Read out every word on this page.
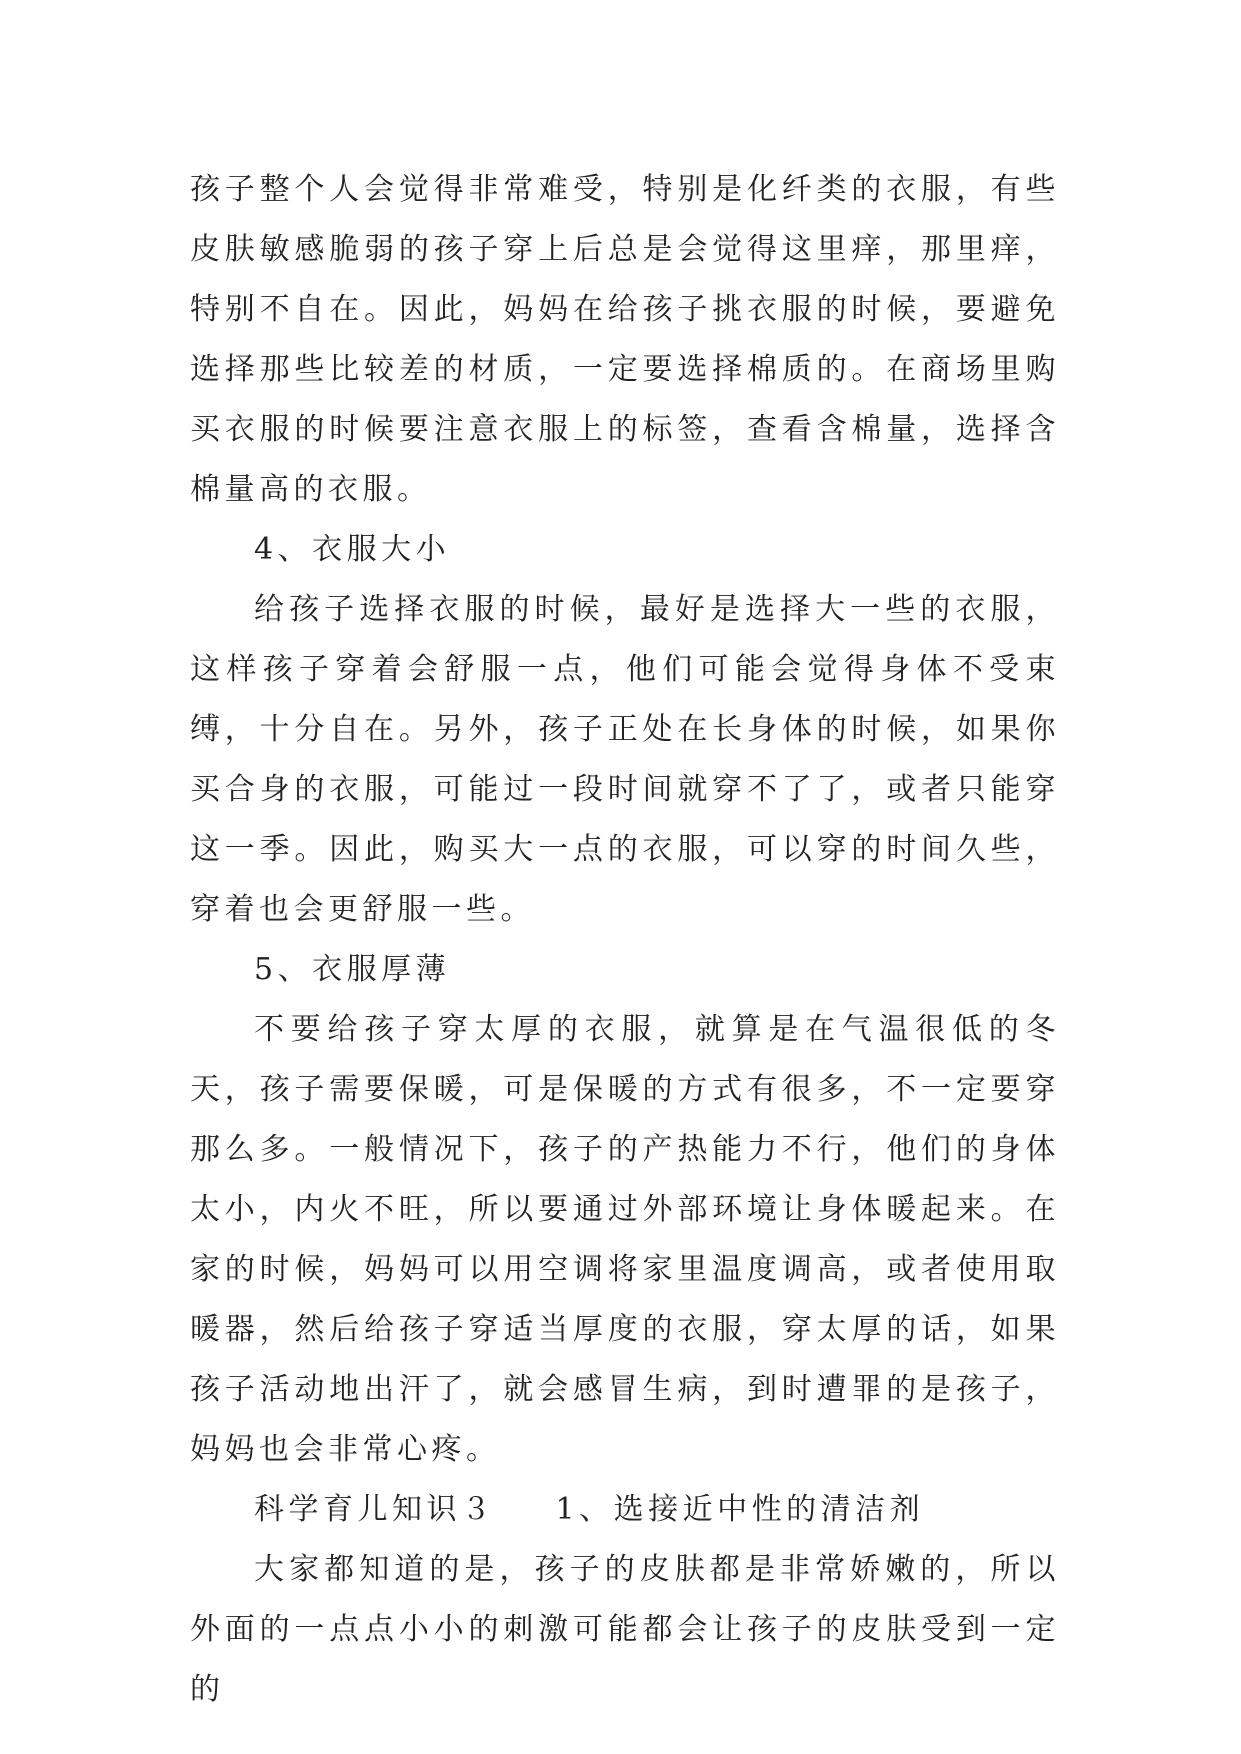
孩子整个人会觉得非常难受，特别是化纤类的衣服，有些皮肤敏感脆弱的孩子穿上后总是会觉得这里痒，那里痒，特别不自在。因此，妈妈在给孩子挑衣服的时候，要避免选择那些比较差的材质，一定要选择棉质的。在商场里购买衣服的时候要注意衣服上的标签，查看含棉量，选择含棉量高的衣服。

4、衣服大小

给孩子选择衣服的时候，最好是选择大一些的衣服，这样孩子穿着会舒服一点，他们可能会觉得身体不受束缚，十分自在。另外，孩子正处在长身体的时候，如果你买合身的衣服，可能过一段时间就穿不了了，或者只能穿这一季。因此，购买大一点的衣服，可以穿的时间久些，穿着也会更舒服一些。

5、衣服厚薄

不要给孩子穿太厚的衣服，就算是在气温很低的冬天，孩子需要保暖，可是保暖的方式有很多，不一定要穿那么多。一般情况下，孩子的产热能力不行，他们的身体太小，内火不旺，所以要通过外部环境让身体暖起来。在家的时候，妈妈可以用空调将家里温度调高，或者使用取暖器，然后给孩子穿适当厚度的衣服，穿太厚的话，如果孩子活动地出汗了，就会感冒生病，到时遭罪的是孩子，妈妈也会非常心疼。

科学育儿知识３ 1、选接近中性的清洁剂

大家都知道的是，孩子的皮肤都是非常娇嫩的，所以外面的一点点小小的刺激可能都会让孩子的皮肤受到一定的
